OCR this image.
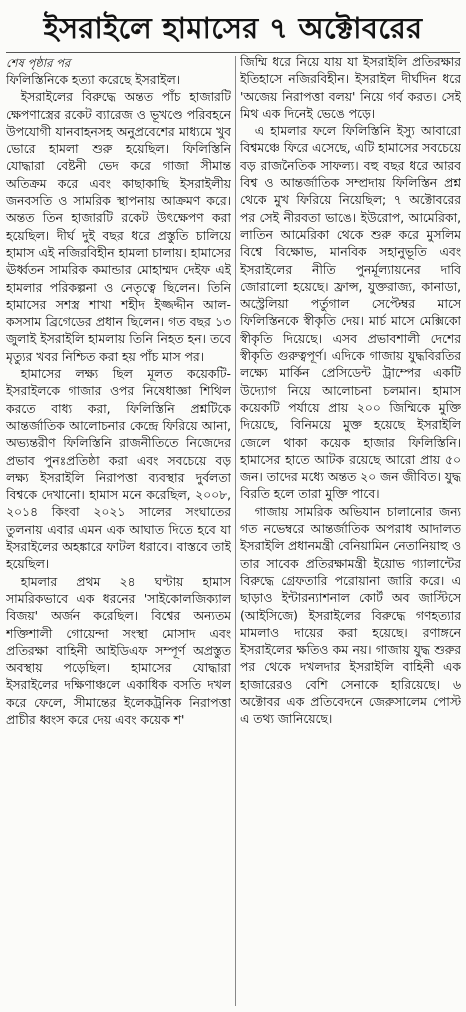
ইসরাইলে হামাসের ৭ অক্টোবরের

শেষ পৃষ্ঠার পর

ফিলিস্তিনিকে হত্যা করেছে ইসরাইল।

ইসরাইলের বিরুদ্ধে অন্তত পাঁচ হাজারটি ক্ষেপণাস্ত্রের রকেট ব্যারেজ ও ভূখণ্ডে পরিবহনে উপযোগী যানবাহনসহ অনুপ্রবেশের মাধ্যমে খুব ভোরে হামলা শুরু হয়েছিল। ফিলিস্তিনি যোদ্ধারা বেষ্টনী ভেদ করে গাজা সীমান্ত অতিক্রম করে এবং কাছাকাছি ইসরাইলীয় জনবসতি ও সামরিক স্থাপনায় আক্রমণ করে। অন্তত তিন হাজারটি রকেট উৎক্ষেপণ করা হয়েছিল। দীর্ঘ দুই বছর ধরে প্রস্তুতি চালিয়ে হামাস এই নজিরবিহীন হামলা চালায়। হামাসের ঊর্ধ্বতন সামরিক কমান্ডার মোহাম্মদ দেইফ এই হামলার পরিকল্পনা ও নেতৃত্বে ছিলেন। তিনি হামাসের সশস্ত্র শাখা শহীদ ইজ্জদ্দীন আল-কসসাম ব্রিগেডের প্রধান ছিলেন। গত বছর ১৩ জুলাই ইসরাইলি হামলায় তিনি নিহত হন। তবে মৃত্যুর খবর নিশ্চিত করা হয় পাঁচ মাস পর।

হামাসের লক্ষ্য ছিল মূলত কয়েকটি- ইসরাইলকে গাজার ওপর নিষেধাজ্ঞা শিথিল করতে বাধ্য করা, ফিলিস্তিনি প্রশ্নটিকে আন্তর্জাতিক আলোচনার কেন্দ্রে ফিরিয়ে আনা, অভ্যন্তরীণ ফিলিস্তিনি রাজনীতিতে নিজেদের প্রভাব পুনঃপ্রতিষ্ঠা করা এবং সবচেয়ে বড় লক্ষ্য ইসরাইলি নিরাপত্তা ব্যবস্থার দুর্বলতা বিশ্বকে দেখানো। হামাস মনে করেছিল, ২০০৮, ২০১৪ কিংবা ২০২১ সালের সংঘাতের তুলনায় এবার এমন এক আঘাত দিতে হবে যা ইসরাইলের অহঙ্কারে ফাটল ধরাবে। বাস্তবে তাই হয়েছিল।

হামলার প্রথম ২৪ ঘণ্টায় হামাস সামরিকভাবে এক ধরনের 'সাইকোলজিক্যাল বিজয়' অর্জন করেছিল। বিশ্বের অন্যতম শক্তিশালী গোয়েন্দা সংস্থা মোসাদ এবং প্রতিরক্ষা বাহিনী আইডিএফ সম্পূর্ণ অপ্রস্তুত অবস্থায় পড়েছিল। হামাসের যোদ্ধারা ইসরাইলের দক্ষিণাঞ্চলে একাধিক বসতি দখল করে ফেলে, সীমান্তের ইলেকট্রনিক নিরাপত্তা প্রাচীর ধ্বংস করে দেয় এবং কয়েক শ'

জিম্মি ধরে নিয়ে যায় যা ইসরাইলি প্রতিরক্ষার ইতিহাসে নজিরবিহীন। ইসরাইল দীর্ঘদিন ধরে 'অজেয় নিরাপত্তা বলয়' নিয়ে গর্ব করত। সেই মিথ এক দিনেই ভেঙে পড়ে।

এ হামলার ফলে ফিলিস্তিনি ইস্যু আবারো বিশ্বমঞ্চে ফিরে এসেছে, এটি হামাসের সবচেয়ে বড় রাজনৈতিক সাফল্য। বহু বছর ধরে আরব বিশ্ব ও আন্তর্জাতিক সম্প্রদায় ফিলিস্তিন প্রশ্ন থেকে মুখ ফিরিয়ে নিয়েছিল; ৭ অক্টোবরের পর সেই নীরবতা ভাঙে। ইউরোপ, আমেরিকা, লাতিন আমেরিকা থেকে শুরু করে মুসলিম বিশ্বে বিক্ষোভ, মানবিক সহানুভূতি এবং ইসরাইলের নীতি পুনর্মূল্যায়নের দাবি জোরালো হয়েছে। ফ্রান্স, যুক্তরাজ্য, কানাডা, অস্ট্রেলিয়া পর্তুগাল সেপ্টেম্বর মাসে ফিলিস্তিনকে স্বীকৃতি দেয়। মার্চ মাসে মেক্সিকো স্বীকৃতি দিয়েছে। এসব প্রভাবশালী দেশের স্বীকৃতি গুরুত্বপূর্ণ। এদিকে গাজায় যুদ্ধবিরতির লক্ষ্যে মার্কিন প্রেসিডেন্ট ট্রাম্পের একটি উদ্যোগ নিয়ে আলোচনা চলমান। হামাস কয়েকটি পর্যায়ে প্রায় ২০০ জিম্মিকে মুক্তি দিয়েছে, বিনিময়ে মুক্ত হয়েছে ইসরাইলি জেলে থাকা কয়েক হাজার ফিলিস্তিনি। হামাসের হাতে আটক রয়েছে আরো প্রায় ৫০ জন। তাদের মধ্যে অন্তত ২০ জন জীবিত। যুদ্ধ বিরতি হলে তারা মুক্তি পাবে।

গাজায় সামরিক অভিযান চালানোর জন্য গত নভেম্বরে আন্তর্জাতিক অপরাধ আদালত ইসরাইলি প্রধানমন্ত্রী বেনিয়ামিন নেতানিয়াহু ও তার সাবেক প্রতিরক্ষামন্ত্রী ইয়োভ গ্যালান্টের বিরুদ্ধে গ্রেফতারি পরোয়ানা জারি করে। এ ছাড়াও ইন্টারন্যাশনাল কোর্ট অব জাস্টিসে (আইসিজে) ইসরাইলের বিরুদ্ধে গণহত্যার মামলাও দায়ের করা হয়েছে। রণাঙ্গনে ইসরাইলের ক্ষতিও কম নয়। গাজায় যুদ্ধ শুরুর পর থেকে দখলদার ইসরাইলি বাহিনী এক হাজারেরও বেশি সেনাকে হারিয়েছে। ৬ অক্টোবর এক প্রতিবেদনে জেরুসালেম পোস্ট এ তথ্য জানিয়েছে।
